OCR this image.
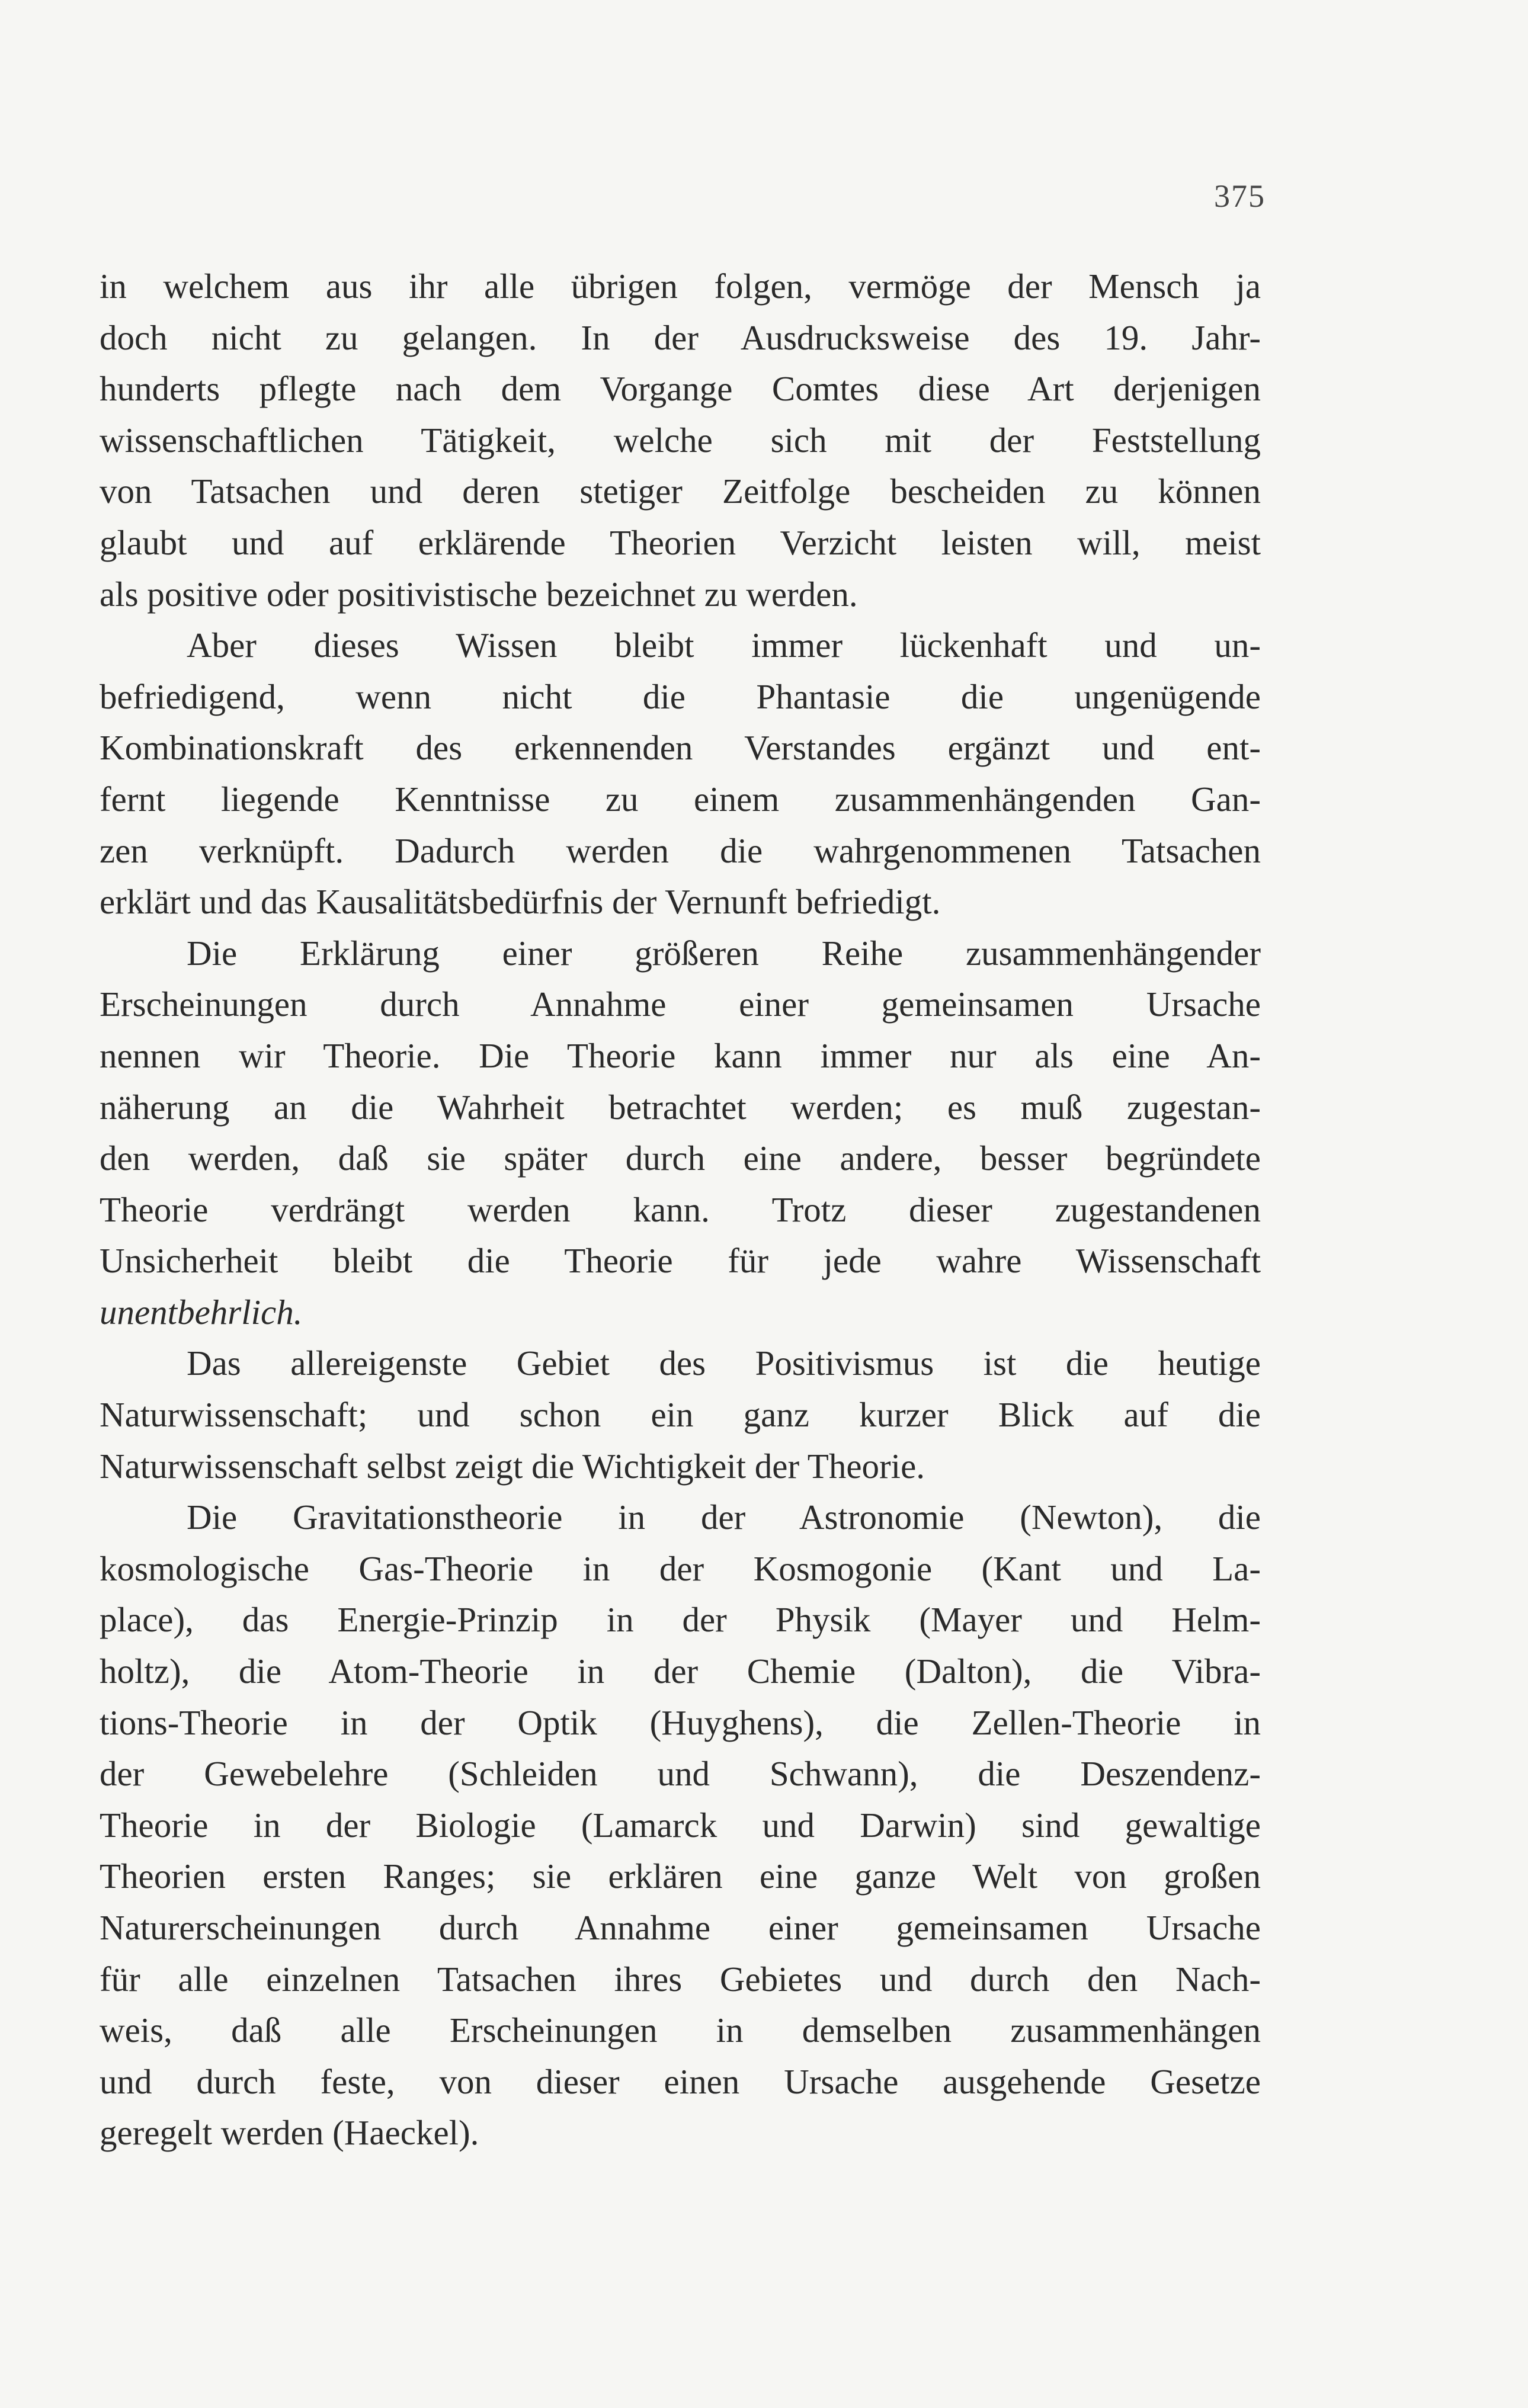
375
in welchem aus ihr alle übrigen folgen, vermöge der Mensch ja
doch nicht zu gelangen. In der Ausdrucksweise des 19. Jahr-
hunderts pflegte nach dem Vorgange Comtes diese Art derjenigen
wissenschaftlichen Tätigkeit, welche sich mit der Feststellung
von Tatsachen und deren stetiger Zeitfolge bescheiden zu können
glaubt und auf erklärende Theorien Verzicht leisten will, meist
als positive oder positivistische bezeichnet zu werden.
Aber dieses Wissen bleibt immer lückenhaft und un-
befriedigend, wenn nicht die Phantasie die ungenügende
Kombinationskraft des erkennenden Verstandes ergänzt und ent-
fernt liegende Kenntnisse zu einem zusammenhängenden Gan-
zen verknüpft. Dadurch werden die wahrgenommenen Tatsachen
erklärt und das Kausalitätsbedürfnis der Vernunft befriedigt.
Die Erklärung einer größeren Reihe zusammenhängender
Erscheinungen durch Annahme einer gemeinsamen Ursache
nennen wir Theorie. Die Theorie kann immer nur als eine An-
näherung an die Wahrheit betrachtet werden; es muß zugestan-
den werden, daß sie später durch eine andere, besser begründete
Theorie verdrängt werden kann. Trotz dieser zugestandenen
Unsicherheit bleibt die Theorie für jede wahre Wissenschaft
unentbehrlich.
Das allereigenste Gebiet des Positivismus ist die heutige
Naturwissenschaft; und schon ein ganz kurzer Blick auf die
Naturwissenschaft selbst zeigt die Wichtigkeit der Theorie.
Die Gravitationstheorie in der Astronomie (Newton), die
kosmologische Gas-Theorie in der Kosmogonie (Kant und La-
place), das Energie-Prinzip in der Physik (Mayer und Helm-
holtz), die Atom-Theorie in der Chemie (Dalton), die Vibra-
tions-Theorie in der Optik (Huyghens), die Zellen-Theorie in
der Gewebelehre (Schleiden und Schwann), die Deszendenz-
Theorie in der Biologie (Lamarck und Darwin) sind gewaltige
Theorien ersten Ranges; sie erklären eine ganze Welt von großen
Naturerscheinungen durch Annahme einer gemeinsamen Ursache
für alle einzelnen Tatsachen ihres Gebietes und durch den Nach-
weis, daß alle Erscheinungen in demselben zusammenhängen
und durch feste, von dieser einen Ursache ausgehende Gesetze
geregelt werden (Haeckel).
